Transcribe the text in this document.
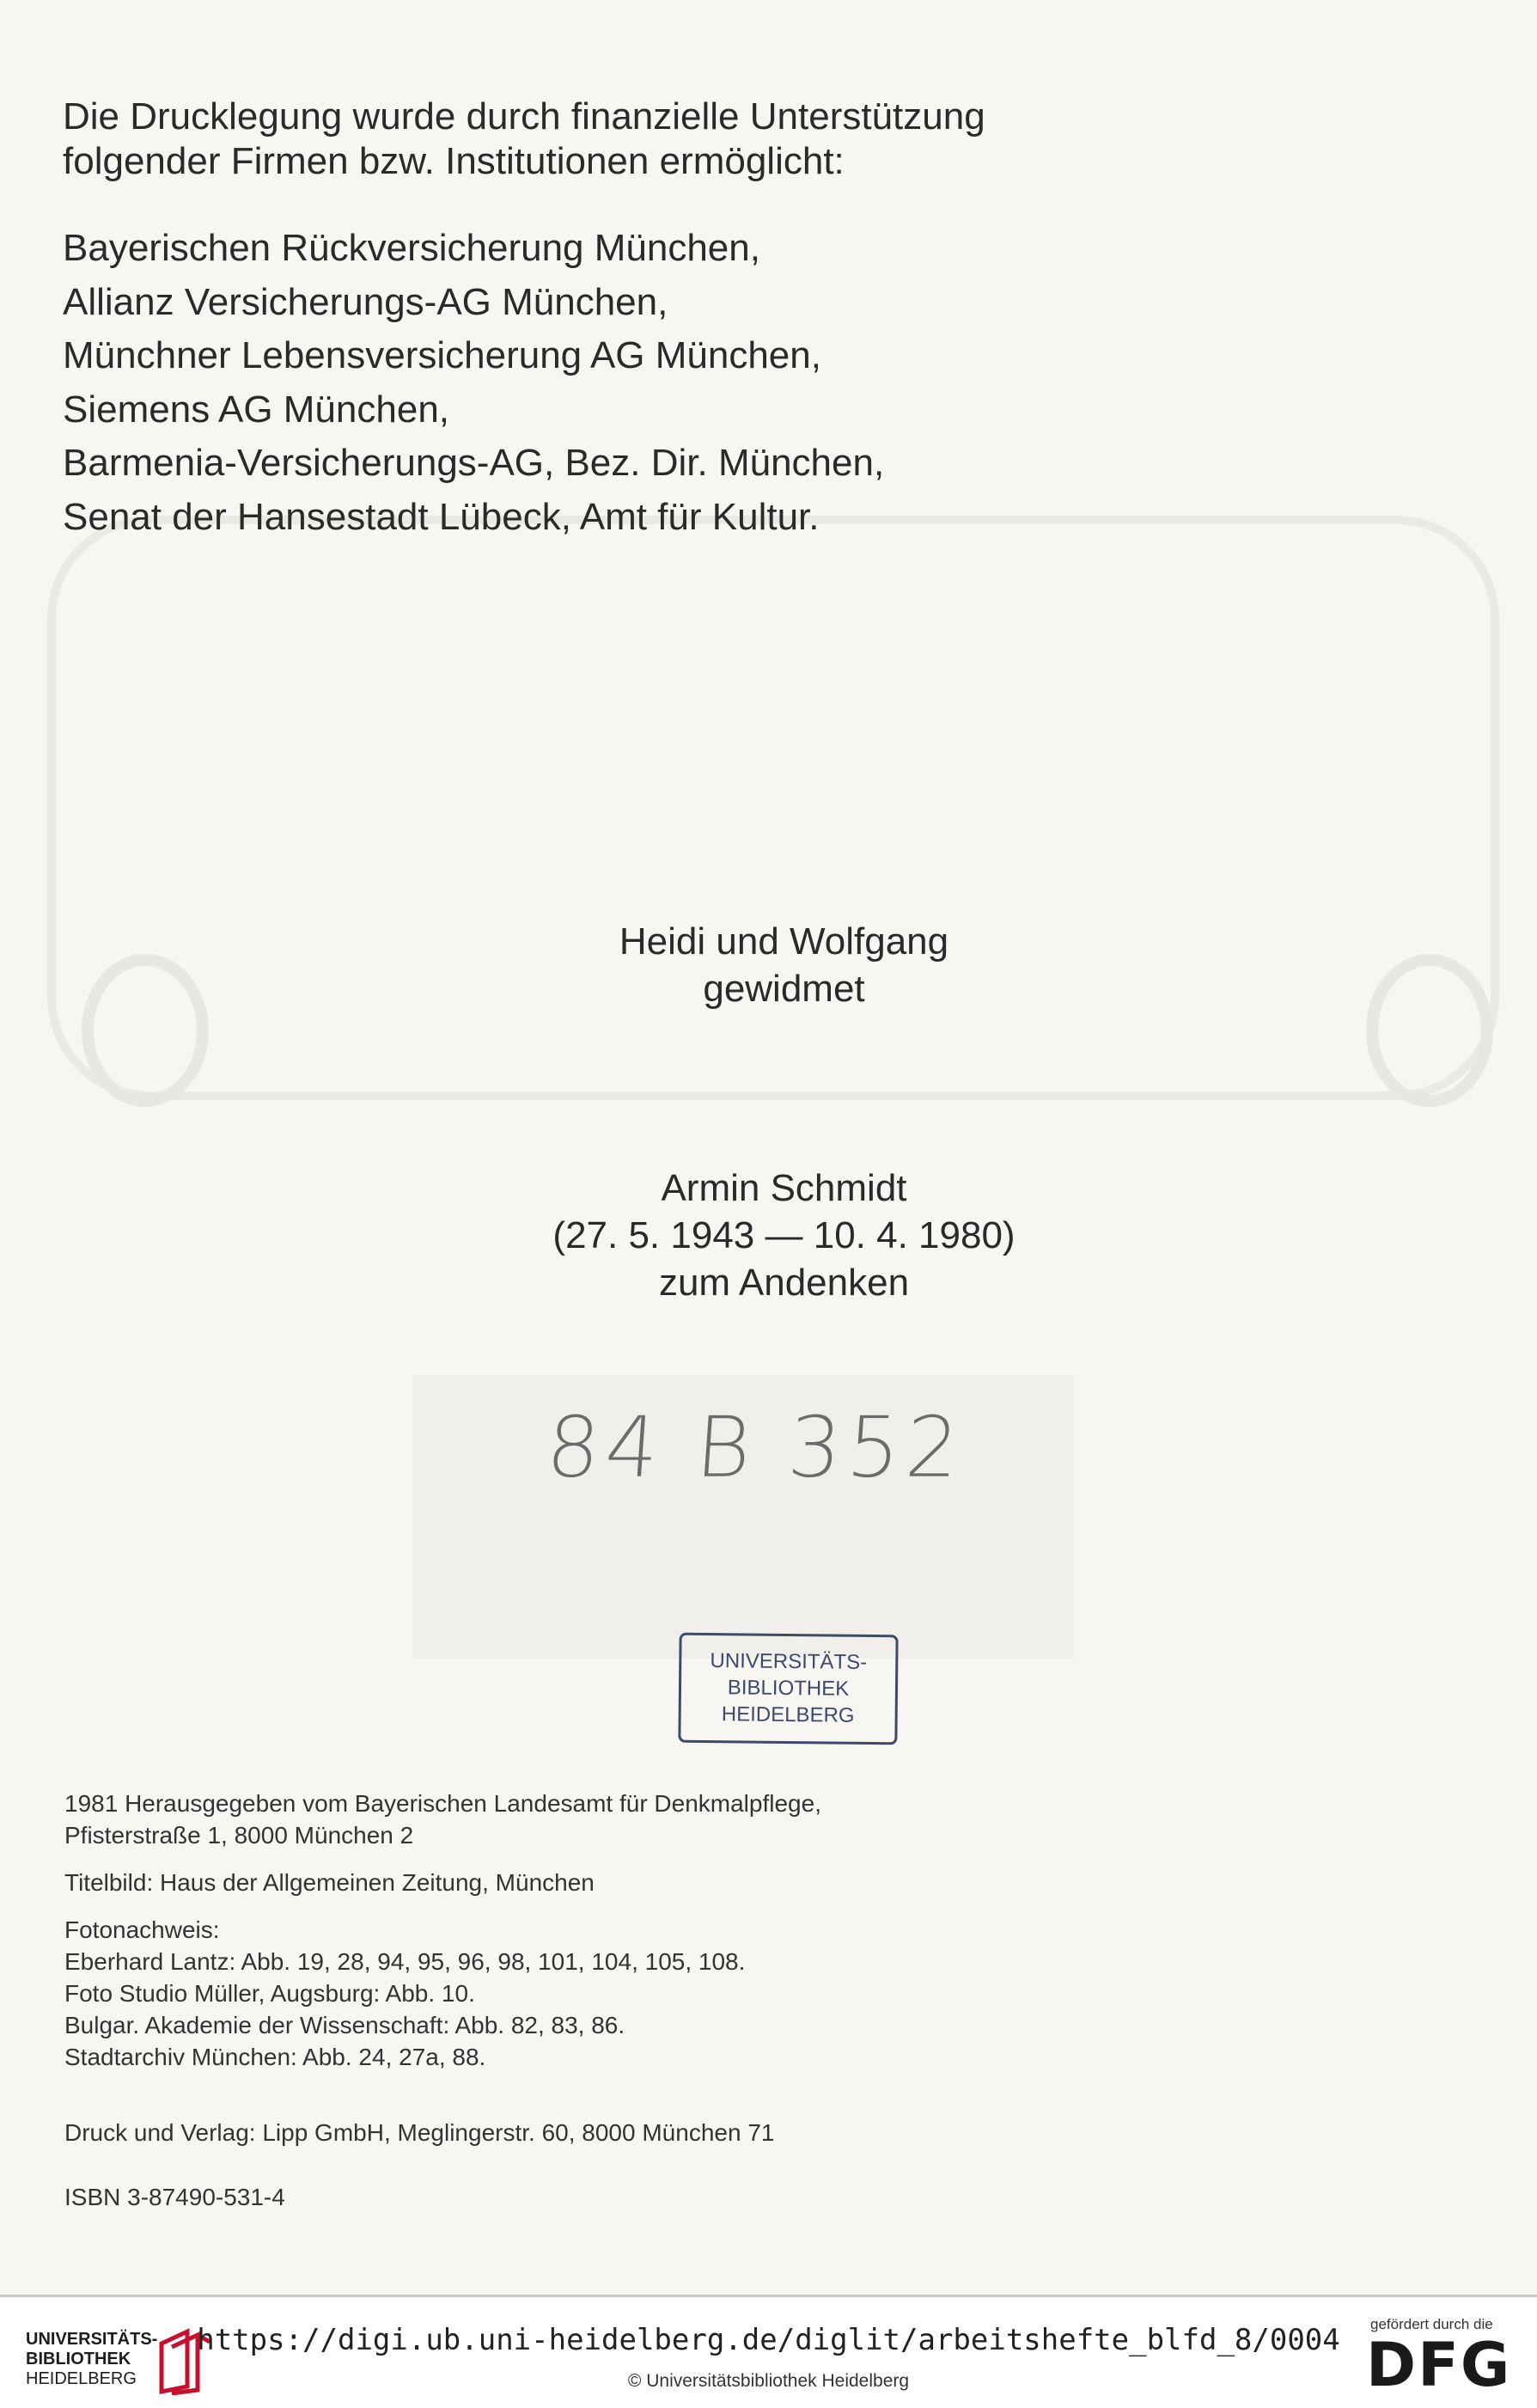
Die Drucklegung wurde durch finanzielle Unterstützung
folgender Firmen bzw. Institutionen ermöglicht:

Bayerischen Rückversicherung München,
Allianz Versicherungs-AG München,
Münchner Lebensversicherung AG München,
Siemens AG München,
Barmenia-Versicherungs-AG, Bez. Dir. München,
Senat der Hansestadt Lübeck, Amt für Kultur.
Heidi und Wolfgang
gewidmet
Armin Schmidt
(27. 5. 1943 — 10. 4. 1980)
zum Andenken
84 B 352
UNIVERSITÄTS-
BIBLIOTHEK
HEIDELBERG
1981 Herausgegeben vom Bayerischen Landesamt für Denkmalpflege,
Pfisterstraße 1, 8000 München 2
Titelbild: Haus der Allgemeinen Zeitung, München
Fotonachweis:
Eberhard Lantz: Abb. 19, 28, 94, 95, 96, 98, 101, 104, 105, 108.
Foto Studio Müller, Augsburg: Abb. 10.
Bulgar. Akademie der Wissenschaft: Abb. 82, 83, 86.
Stadtarchiv München: Abb. 24, 27a, 88.
Druck und Verlag: Lipp GmbH, Meglingerstr. 60, 8000 München 71
ISBN 3-87490-531-4
UNIVERSITÄTS-
BIBLIOTHEK
HEIDELBERG
https://digi.ub.uni-heidelberg.de/diglit/arbeitshefte_blfd_8/0004
© Universitätsbibliothek Heidelberg
gefördert durch die
DFG
